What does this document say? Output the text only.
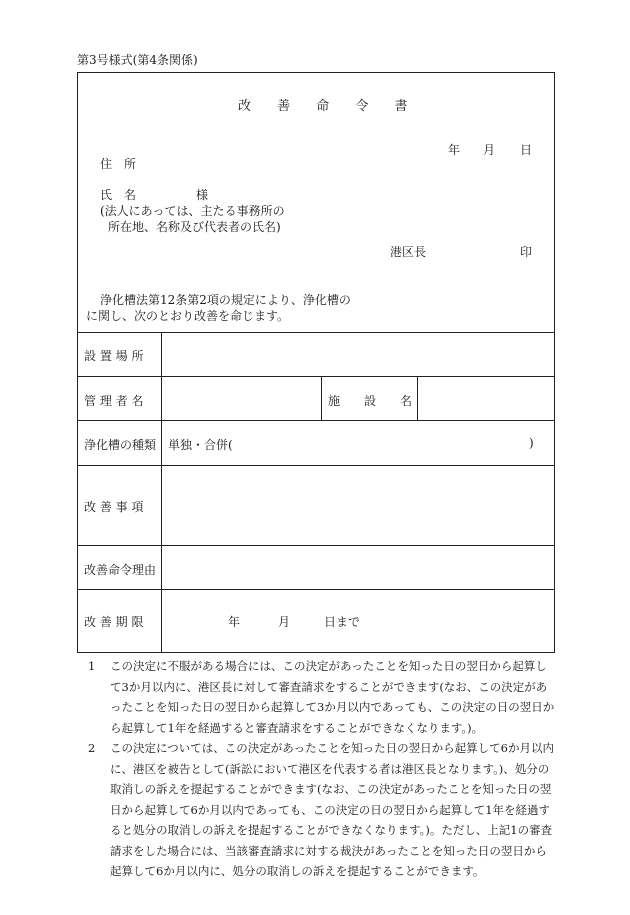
第3号様式(第4条関係)
改 善 命 令 書
年 月 日
住　所
氏　名	様
(法人にあっては、主たる事務所の
所在地、名称及び代表者の氏名)
港区長	印
浄化槽法第12条第2項の規定により、浄化槽の
に関し、次のとおり改善を命じます。
設 置 場 所
管 理 者 名	施　　設　　名
浄化槽の種類 単独・合併(	)
改 善 事 項
改善命令理由
改 善 期 限	年	月	日まで
1	この決定に不服がある場合には、この決定があったことを知った日の翌日から起算して3か月以内に、港区長に対して審査請求をすることができます(なお、この決定があったことを知った日の翌日から起算して3か月以内であっても、この決定の日の翌日から起算して1年を経過すると審査請求をすることができなくなります。)。
2	この決定については、この決定があったことを知った日の翌日から起算して6か月以内に、港区を被告として(訴訟において港区を代表する者は港区長となります。)、処分の取消しの訴えを提起することができます(なお、この決定があったことを知った日の翌日から起算して6か月以内であっても、この決定の日の翌日から起算して1年を経過すると処分の取消しの訴えを提起することができなくなります。)。ただし、上記1の審査請求をした場合には、当該審査請求に対する裁決があったことを知った日の翌日から起算して6か月以内に、処分の取消しの訴えを提起することができます。
